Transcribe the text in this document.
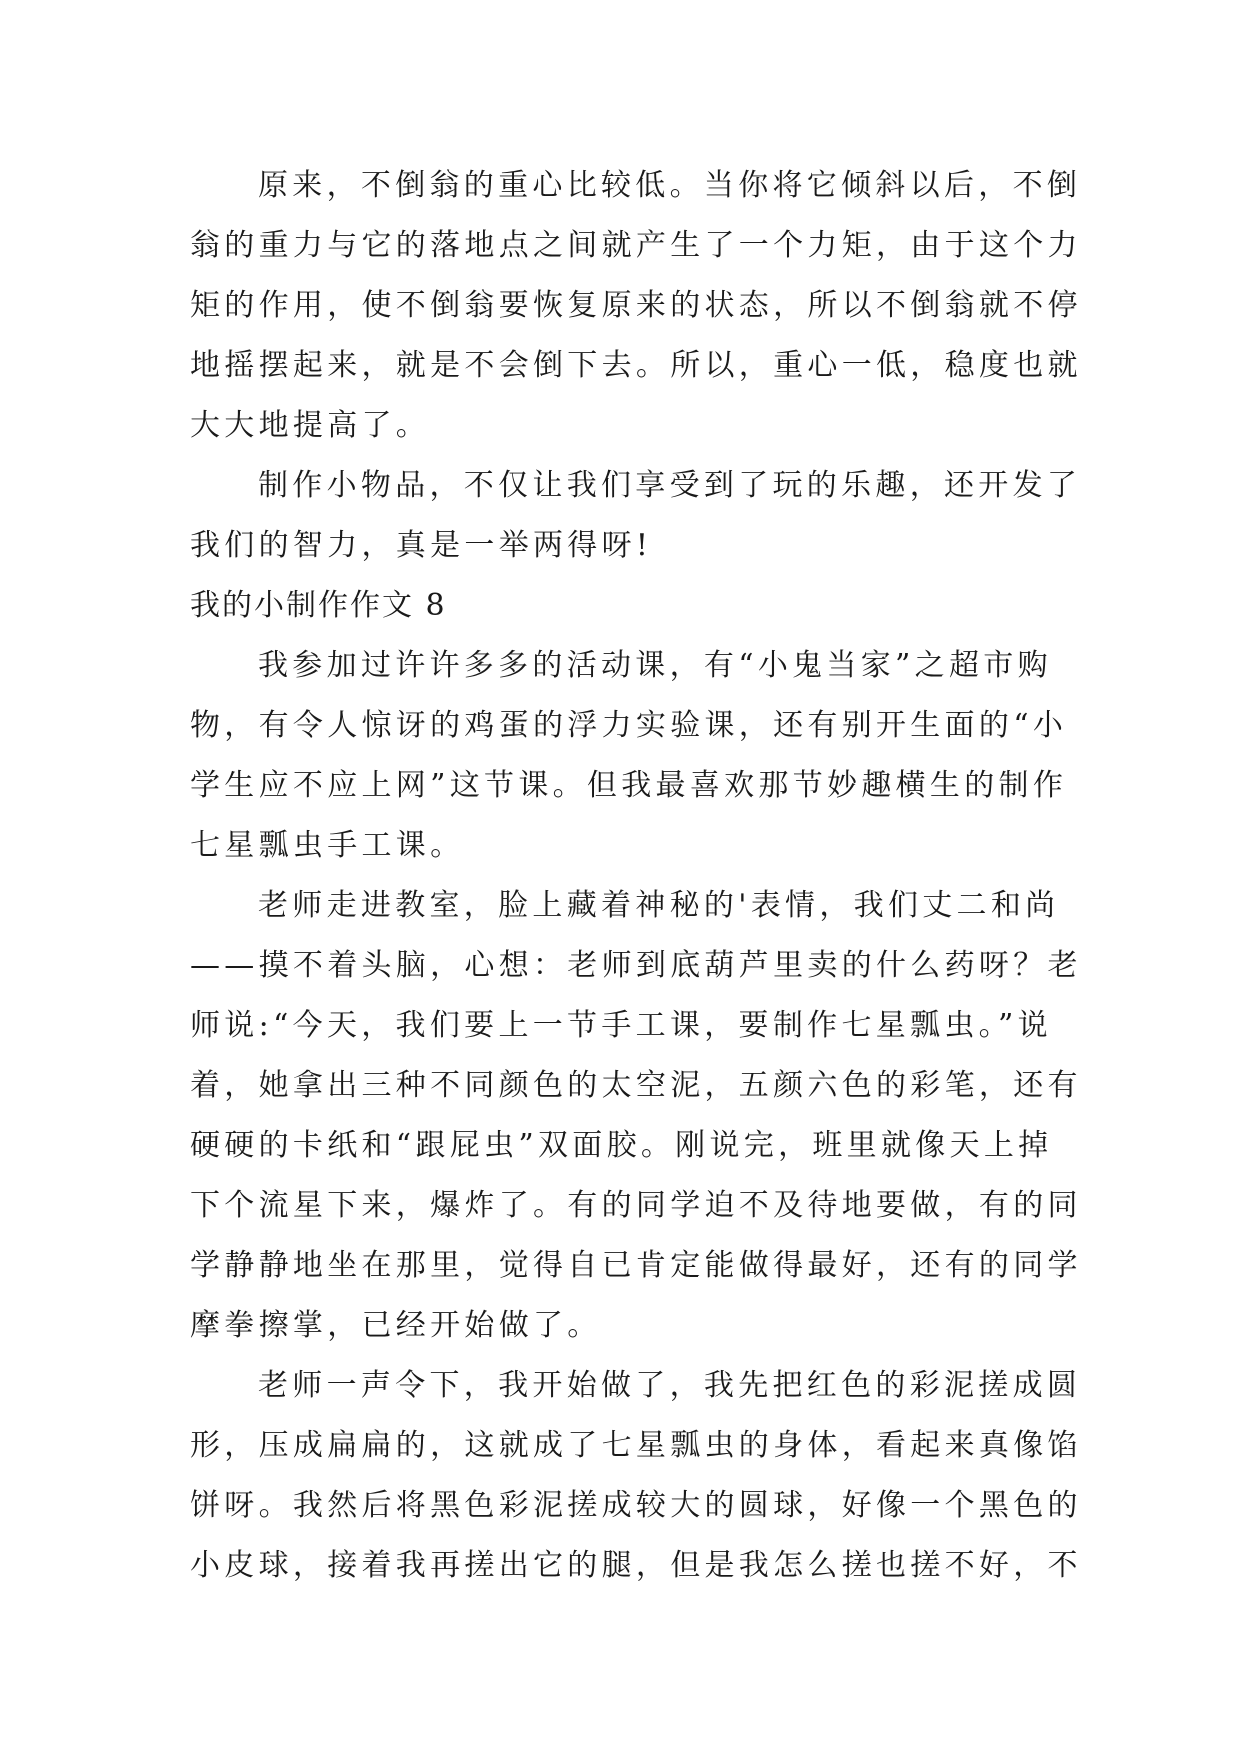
原来，不倒翁的重心比较低。当你将它倾斜以后，不倒
翁的重力与它的落地点之间就产生了一个力矩，由于这个力
矩的作用，使不倒翁要恢复原来的状态，所以不倒翁就不停
地摇摆起来，就是不会倒下去。所以，重心一低，稳度也就
大大地提高了。
制作小物品，不仅让我们享受到了玩的乐趣，还开发了
我们的智力，真是一举两得呀!
我的小制作作文 8
我参加过许许多多的活动课，有“小鬼当家”之超市购
物，有令人惊讶的鸡蛋的浮力实验课，还有别开生面的“小
学生应不应上网”这节课。但我最喜欢那节妙趣横生的制作
七星瓢虫手工课。
老师走进教室，脸上藏着神秘的'表情，我们丈二和尚
——摸不着头脑，心想：老师到底葫芦里卖的什么药呀？老
师说:“今天，我们要上一节手工课，要制作七星瓢虫。”说
着，她拿出三种不同颜色的太空泥，五颜六色的彩笔，还有
硬硬的卡纸和“跟屁虫”双面胶。刚说完，班里就像天上掉
下个流星下来，爆炸了。有的同学迫不及待地要做，有的同
学静静地坐在那里，觉得自已肯定能做得最好，还有的同学
摩拳擦掌，已经开始做了。
老师一声令下，我开始做了，我先把红色的彩泥搓成圆
形，压成扁扁的，这就成了七星瓢虫的身体，看起来真像馅
饼呀。我然后将黑色彩泥搓成较大的圆球，好像一个黑色的
小皮球，接着我再搓出它的腿，但是我怎么搓也搓不好，不
